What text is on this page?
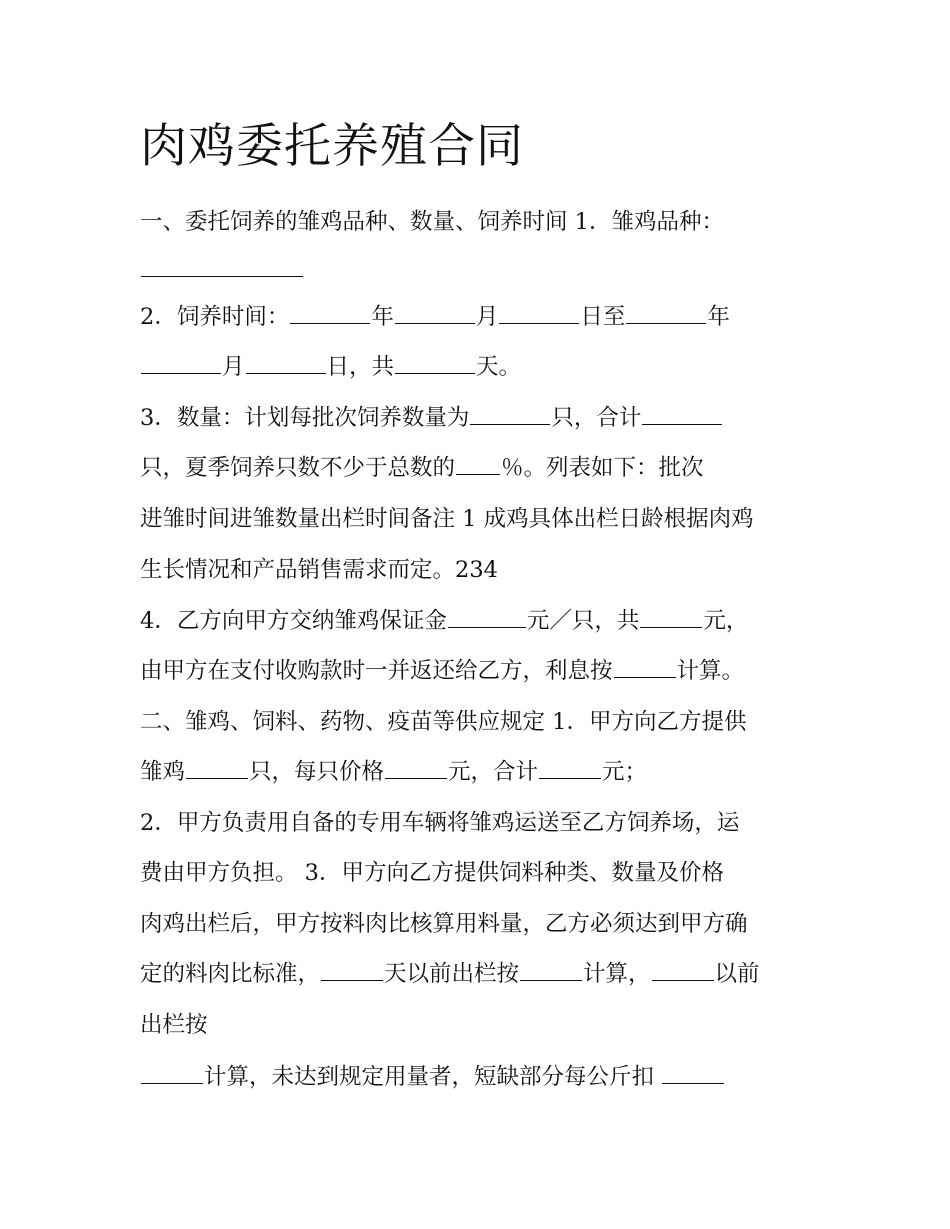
肉鸡委托养殖合同
一、委托饲养的雏鸡品种、数量、饲养时间 1．雏鸡品种：
2．饲养时间：	年	月	日至	年
月	日，共	天。
3．数量：计划每批次饲养数量为	只，合计
只，夏季饲养只数不少于总数的 ％。列表如下：批次
进雏时间进雏数量出栏时间备注 1 成鸡具体出栏日龄根据肉鸡
生长情况和产品销售需求而定。234
4．乙方向甲方交纳雏鸡保证金	元／只，共	元，
由甲方在支付收购款时一并返还给乙方，利息按	计算。
二、雏鸡、饲料、药物、疫苗等供应规定 1．甲方向乙方提供
雏鸡	只，每只价格	元，合计	元；
2．甲方负责用自备的专用车辆将雏鸡运送至乙方饲养场，运
费由甲方负担。 3．甲方向乙方提供饲料种类、数量及价格
肉鸡出栏后，甲方按料肉比核算用料量，乙方必须达到甲方确
定的料肉比标准，	天以前出栏按	计算，	以前
出栏按
计算，未达到规定用量者，短缺部分每公斤扣
